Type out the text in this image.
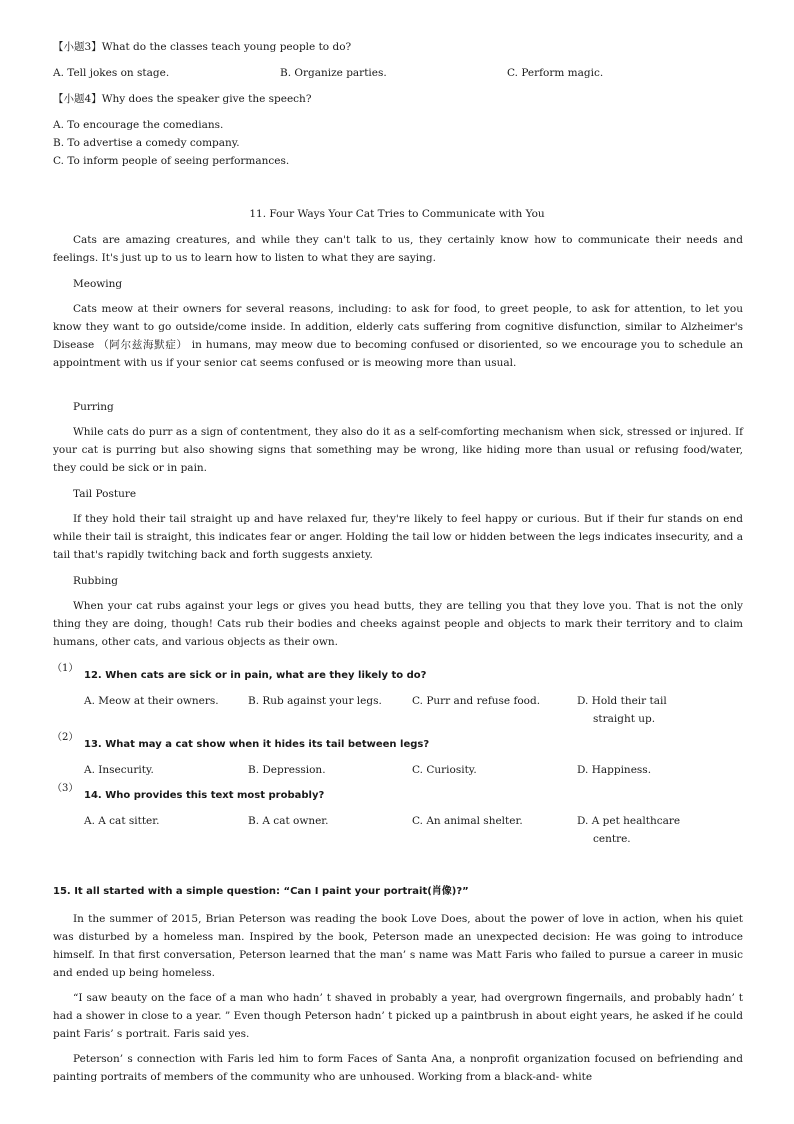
【小题3】What do the classes teach young people to do?
A. Tell jokes on stage.	B. Organize parties.	C. Perform magic.
【小题4】Why does the speaker give the speech?
A. To encourage the comedians.
B. To advertise a comedy company.
C. To inform people of seeing performances.
11. Four Ways Your Cat Tries to Communicate with You
Cats are amazing creatures, and while they can't talk to us, they certainly know how to communicate their needs and feelings. It's just up to us to learn how to listen to what they are saying.
Meowing
Cats meow at their owners for several reasons, including: to ask for food, to greet people, to ask for attention, to let you know they want to go outside/come inside. In addition, elderly cats suffering from cognitive disfunction, similar to Alzheimer's Disease （阿尔兹海默症） in humans, may meow due to becoming confused or disoriented, so we encourage you to schedule an appointment with us if your senior cat seems confused or is meowing more than usual.
Purring
While cats do purr as a sign of contentment, they also do it as a self-comforting mechanism when sick, stressed or injured. If your cat is purring but also showing signs that something may be wrong, like hiding more than usual or refusing food/water, they could be sick or in pain.
Tail Posture
If they hold their tail straight up and have relaxed fur, they're likely to feel happy or curious. But if their fur stands on end while their tail is straight, this indicates fear or anger. Holding the tail low or hidden between the legs indicates insecurity, and a tail that's rapidly twitching back and forth suggests anxiety.
Rubbing
When your cat rubs against your legs or gives you head butts, they are telling you that they love you. That is not the only thing they are doing, though! Cats rub their bodies and cheeks against people and objects to mark their territory and to claim humans, other cats, and various objects as their own.
（1）
12. When cats are sick or in pain, what are they likely to do?
A. Meow at their owners.	B. Rub against your legs.	C. Purr and refuse food.	D. Hold their tail
straight up.
（2）
13. What may a cat show when it hides its tail between legs?
A. Insecurity.	B. Depression.	C. Curiosity.	D. Happiness.
（3）
14. Who provides this text most probably?
A. A cat sitter.	B. A cat owner.	C. An animal shelter.	D. A pet healthcare
centre.
15. It all started with a simple question: “Can I paint your portrait(肖像)?”
In the summer of 2015, Brian Peterson was reading the book Love Does, about the power of love in action, when his quiet was disturbed by a homeless man. Inspired by the book, Peterson made an unexpected decision: He was going to introduce himself. In that first conversation, Peterson learned that the man’ s name was Matt Faris who failed to pursue a career in music and ended up being homeless.
“I saw beauty on the face of a man who hadn’ t shaved in probably a year, had overgrown fingernails, and probably hadn’ t had a shower in close to a year. ” Even though Peterson hadn’ t picked up a paintbrush in about eight years, he asked if he could paint Faris’ s portrait. Faris said yes.
Peterson’ s connection with Faris led him to form Faces of Santa Ana, a nonprofit organization focused on befriending and painting portraits of members of the community who are unhoused. Working from a black-and- white
